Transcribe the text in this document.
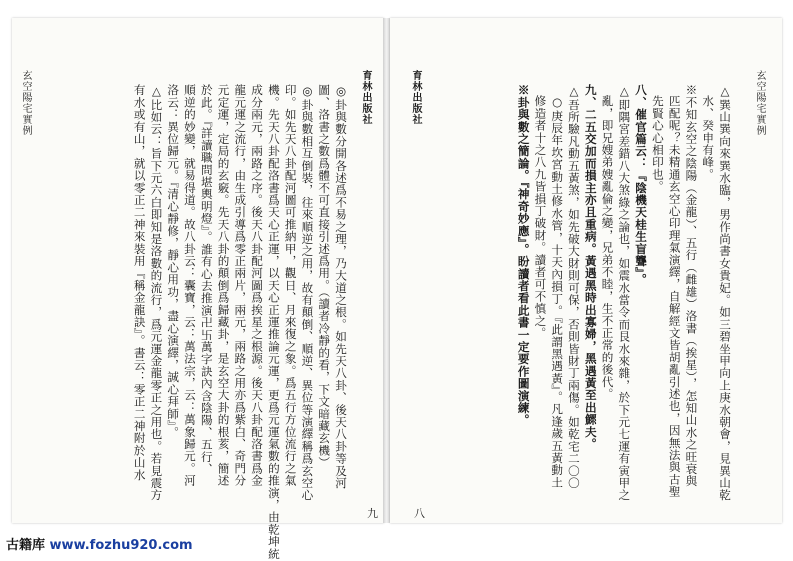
玄空陽宅實例	育林出版社
◎卦與數分開各述爲不易之理，乃大道之根。如先天八卦、後天八卦等及河
圖、洛書之數爲體不可直接引述爲用。（讀者冷靜的看，下文暗藏玄機）
◎卦與數相互倒裝，往來順逆之用，故有顛倒、順逆、異位等演繹稱爲玄空心
印。如先天八卦配河圖可推納甲，觀日、月來復之象。爲五行方位流行之氣
機。先天八卦配洛書爲天心正運，以天心正運推論元運，更爲元運氣數的推演，由乾坤統
成分兩元，兩路之序。後天八卦配河圖爲挨星之根源。後天八卦配洛書爲金
龍元運之流行，由生成引導爲零正兩片，兩元，兩路之用亦爲紫白、奇門分
元定運，定局的玄竅。先天八卦的顛倒爲歸藏卦，是玄空大卦的根荄，簡述
於此。『詳讀職問堪輿明燈』。誰有心去推演卍卐萬字訣內含陰陽、五行、
順逆的妙變，就易得道。故八卦云：囊寶，云：萬法宗，云：萬象歸元。河
洛云：異位歸元。『清心靜修，靜心用功，盡心演繹，誠心拜師』。
△比如云：旨下元六白即知是洛數的流行，爲元運金龍零正之用也。若見震方
有水或有山，就以零正二神來裝用『稱金龍訣』。書云：零正二神附於山水
九
玄空陽宅實例
育林出版社	△巽山巽向來巽水臨，男作尚書女貴妃。如三碧坐甲向上庚水朝會，見異山乾
水、癸申有峰。
※不知玄空之陰陽（金龍）、五行（雌雄）洛書（挨星），怎知山水之旺衰與
匹配呢？未精通玄空心印理氣演繹，自解經文皆胡亂引述也，因無法與古聖
先賢心心相印也。
八、催官篇云：『陰機天桂生盲聾』。
△即隅宮差錯八大煞綠之論也，如震水當令而艮水來雜，於下元七運有寅甲之
亂，即兄嫂弟嫂亂倫之變，兄弟不睦，生不正常的後代。
九、二五交加而損主亦且重病。黃遇黑時出寡婦，黑遇黃至出鰥夫。
△吾所驗凡動五黃煞，如先破大財則可保，否則皆財丁兩傷。如乾宅二〇〇
○庚辰年坎宮動土修水管，十天內損丁。『此謂黑遇黃』。凡逢歲五黃動土
修造者十之八九皆損丁破財。讀者可不慎之。
※卦與數之簡論。『神奇妙應』。盼讀者看此書一定要作圖演練。
八
古籍库 www.fozhu920.com
